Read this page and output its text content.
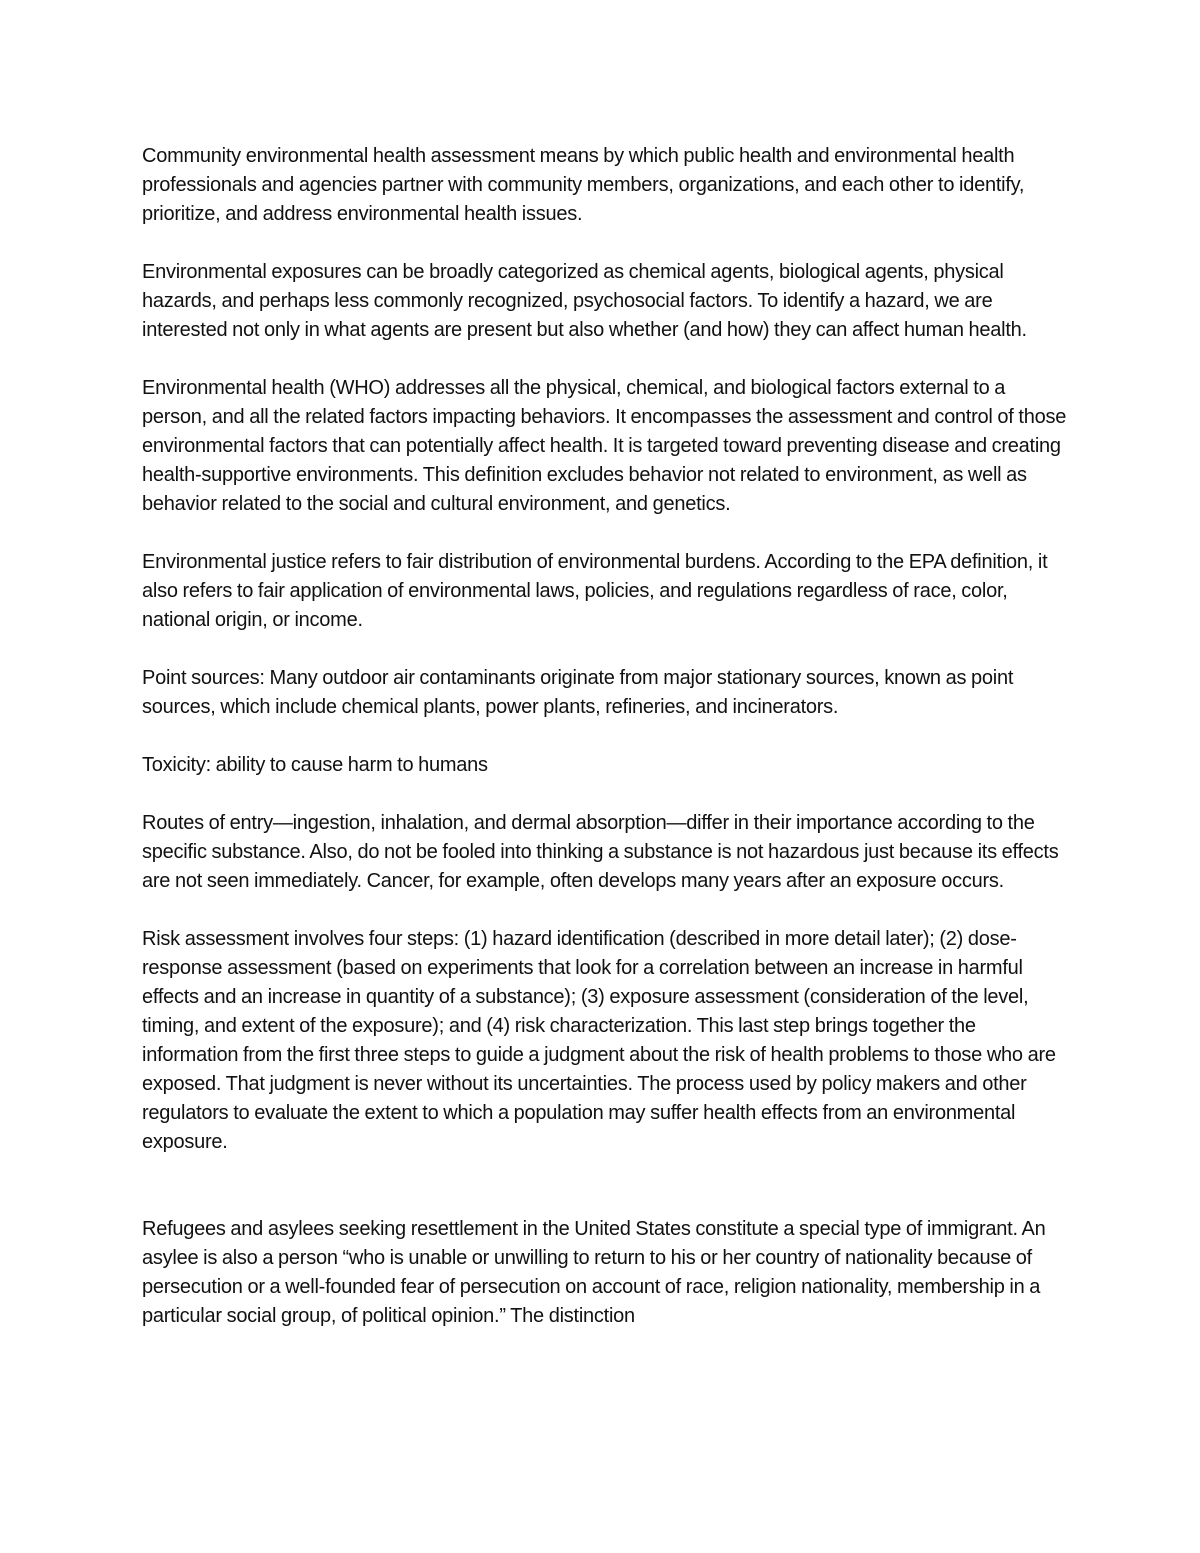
Community environmental health assessment means by which public health and environmental health professionals and agencies partner with community members, organizations, and each other to identify, prioritize, and address environmental health issues.

Environmental exposures can be broadly categorized as chemical agents, biological agents, physical hazards, and perhaps less commonly recognized, psychosocial factors. To identify a hazard, we are interested not only in what agents are present but also whether (and how) they can affect human health.

Environmental health (WHO) addresses all the physical, chemical, and biological factors external to a person, and all the related factors impacting behaviors. It encompasses the assessment and control of those environmental factors that can potentially affect health. It is targeted toward preventing disease and creating health-supportive environments. This definition excludes behavior not related to environment, as well as behavior related to the social and cultural environment, and genetics.

Environmental justice refers to fair distribution of environmental burdens. According to the EPA definition, it also refers to fair application of environmental laws, policies, and regulations regardless of race, color, national origin, or income.

Point sources: Many outdoor air contaminants originate from major stationary sources, known as point sources, which include chemical plants, power plants, refineries, and incinerators.

Toxicity: ability to cause harm to humans

Routes of entry—ingestion, inhalation, and dermal absorption—differ in their importance according to the specific substance. Also, do not be fooled into thinking a substance is not hazardous just because its effects are not seen immediately. Cancer, for example, often develops many years after an exposure occurs.

Risk assessment involves four steps: (1) hazard identification (described in more detail later); (2) dose-response assessment (based on experiments that look for a correlation between an increase in harmful effects and an increase in quantity of a substance); (3) exposure assessment (consideration of the level, timing, and extent of the exposure); and (4) risk characterization. This last step brings together the information from the first three steps to guide a judgment about the risk of health problems to those who are exposed. That judgment is never without its uncertainties. The process used by policy makers and other regulators to evaluate the extent to which a population may suffer health effects from an environmental exposure.

Refugees and asylees seeking resettlement in the United States constitute a special type of immigrant. An asylee is also a person “who is unable or unwilling to return to his or her country of nationality because of persecution or a well-founded fear of persecution on account of race, religion nationality, membership in a particular social group, of political opinion.” The distinction
